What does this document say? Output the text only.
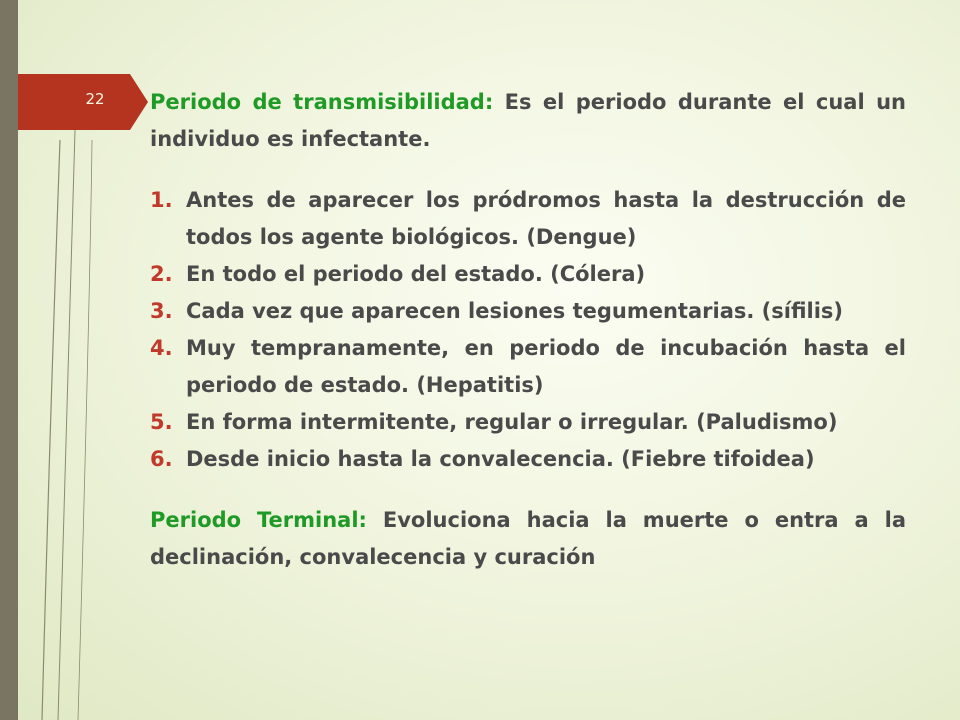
22 Periodo de transmisibilidad: Es el periodo durante el cual un individuo es infectante.

1. Antes de aparecer los pródromos hasta la destrucción de todos los agente biológicos. (Dengue)
2. En todo el periodo del estado. (Cólera)
3. Cada vez que aparecen lesiones tegumentarias. (sífilis)
4. Muy tempranamente, en periodo de incubación hasta el periodo de estado. (Hepatitis)
5. En forma intermitente, regular o irregular. (Paludismo)
6. Desde inicio hasta la convalecencia. (Fiebre tifoidea)

Periodo Terminal: Evoluciona hacia la muerte o entra a la declinación, convalecencia y curación
